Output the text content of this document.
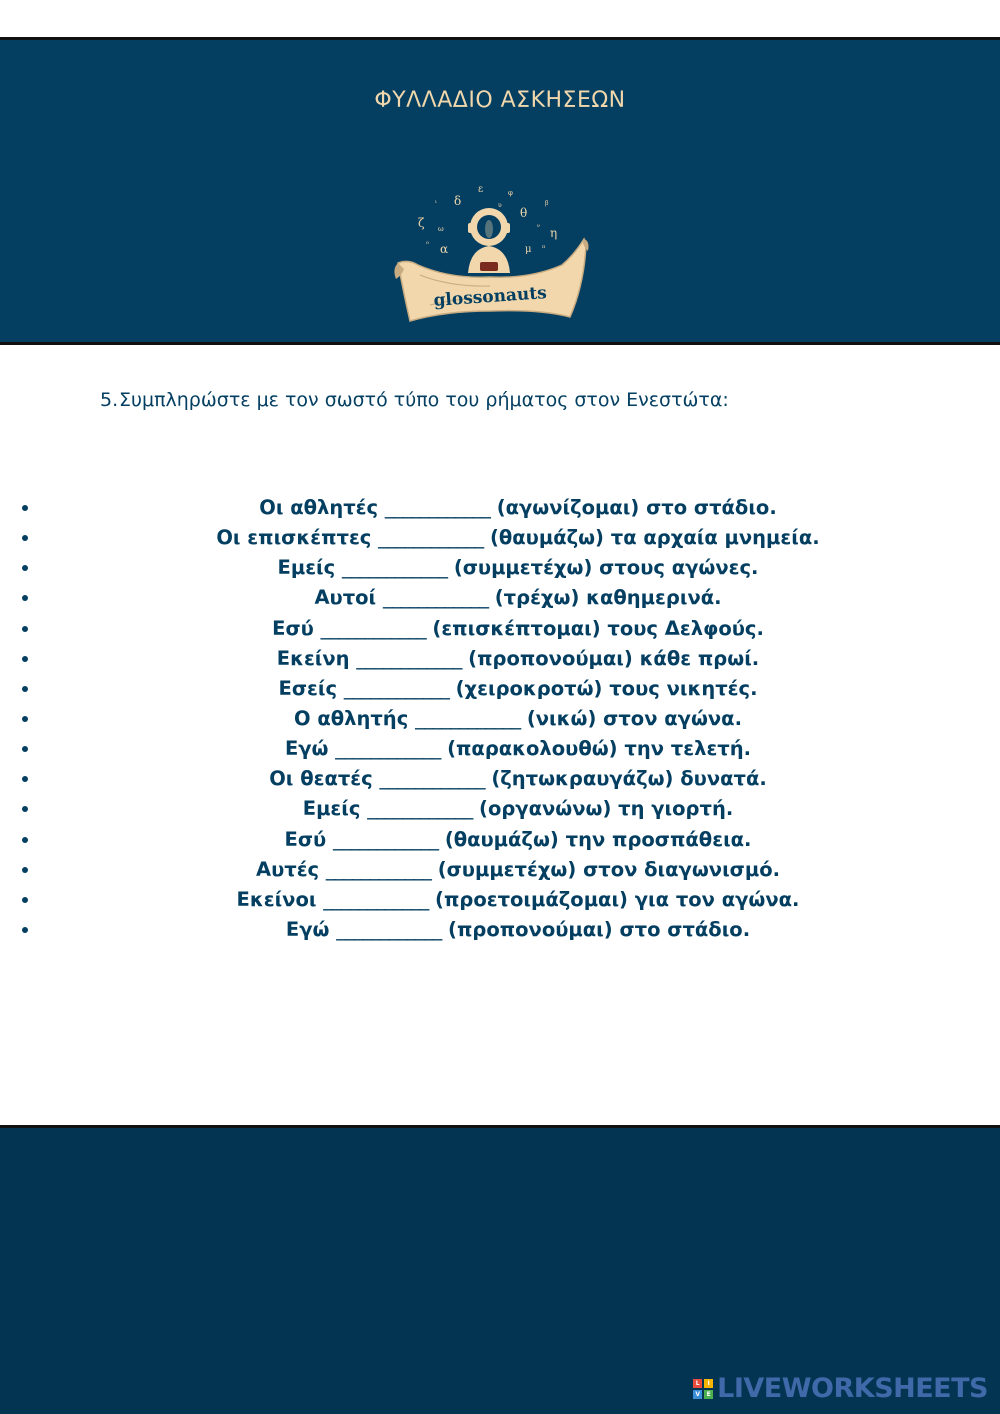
ΦΥΛΛΑΔΙΟ ΑΣΚΗΣΕΩΝ
ε
δ
φ
θ
ζ ω	η
α	μ
β
ι
ο
υ
ν
π
glossonauts
5.Συμπληρώστε με τον σωστό τύπο του ρήματος στον Ενεστώτα:
Οι αθλητές ____________ (αγωνίζομαι) στο στάδιο.
Οι επισκέπτες ____________ (θαυμάζω) τα αρχαία μνημεία.
Εμείς ____________ (συμμετέχω) στους αγώνες.
Αυτοί ____________ (τρέχω) καθημερινά.
Εσύ ____________ (επισκέπτομαι) τους Δελφούς.
Εκείνη ____________ (προπονούμαι) κάθε πρωί.
Εσείς ____________ (χειροκροτώ) τους νικητές.
Ο αθλητής ____________ (νικώ) στον αγώνα.
Εγώ ____________ (παρακολουθώ) την τελετή.
Οι θεατές ____________ (ζητωκραυγάζω) δυνατά.
Εμείς ____________ (οργανώνω) τη γιορτή.
Εσύ ____________ (θαυμάζω) την προσπάθεια.
Αυτές ____________ (συμμετέχω) στον διαγωνισμό.
Εκείνοι ____________ (προετοιμάζομαι) για τον αγώνα.
Εγώ ____________ (προπονούμαι) στο στάδιο.
L	I
V	E LIVEWORKSHEETS
